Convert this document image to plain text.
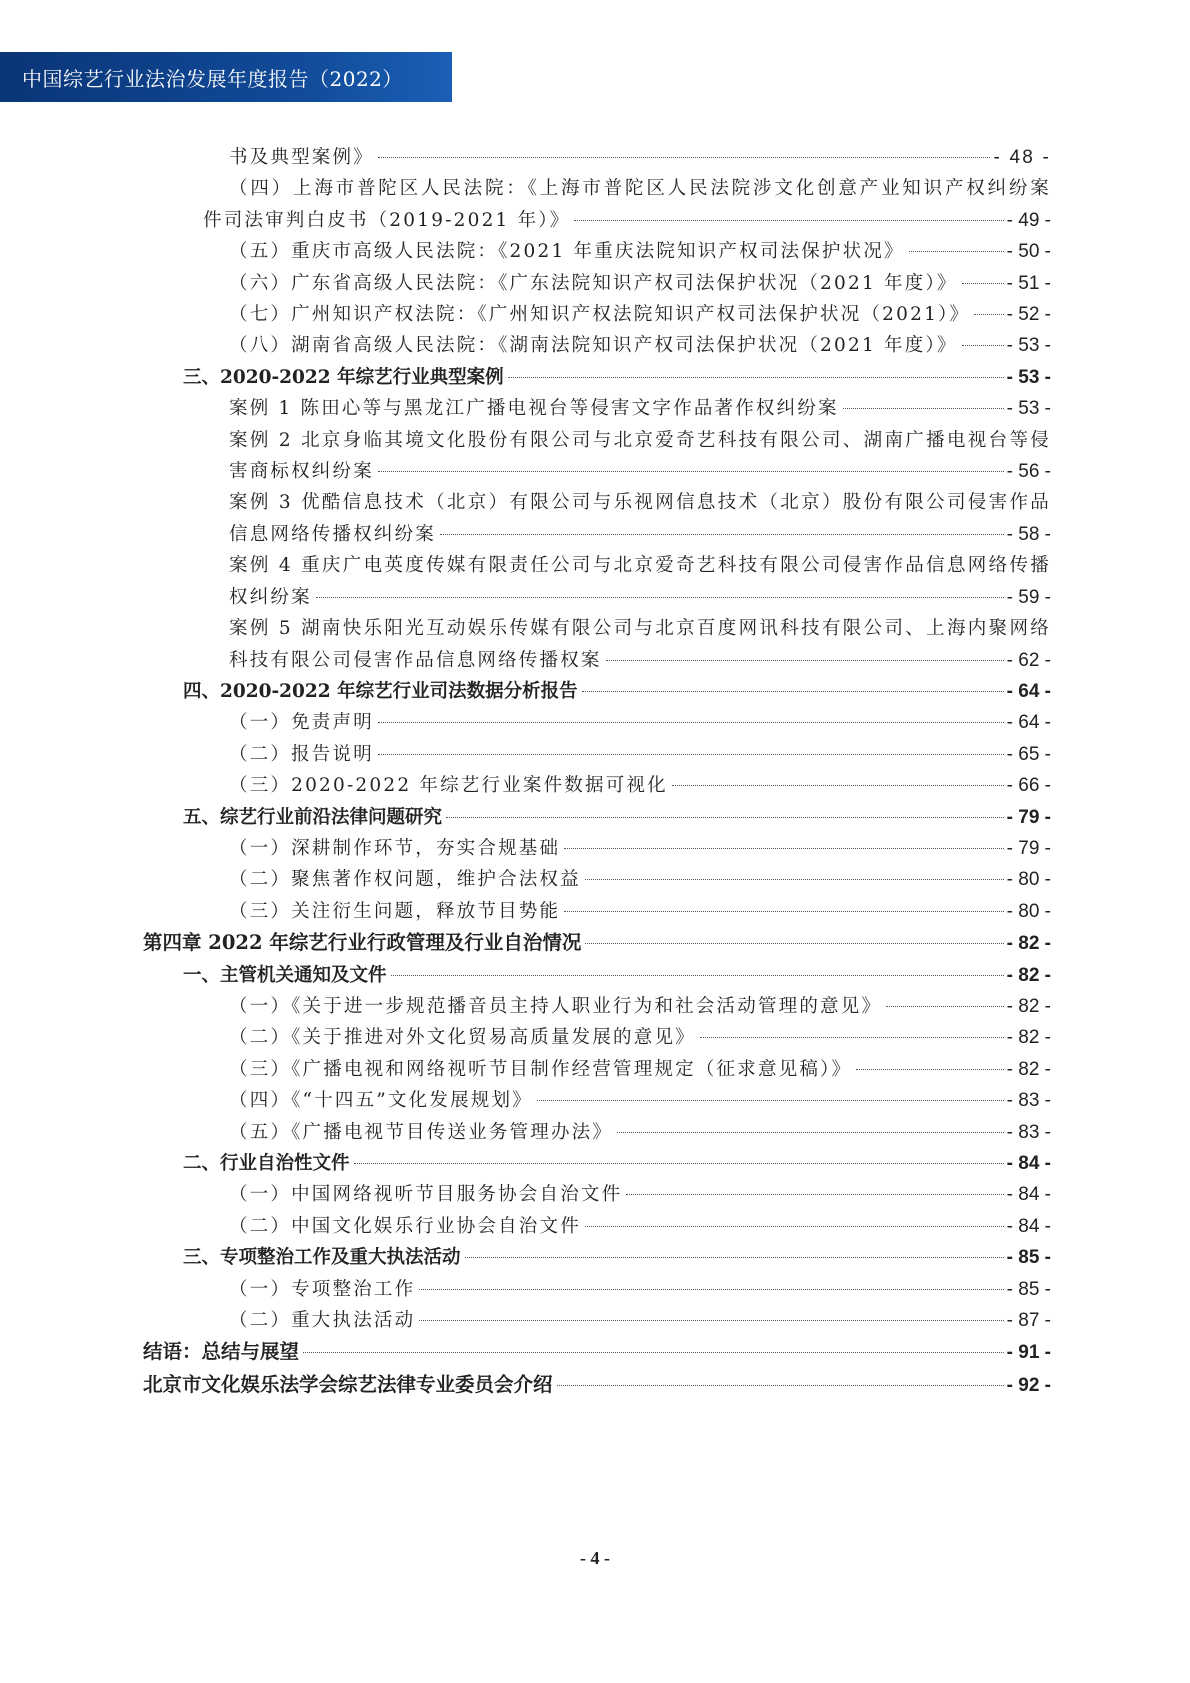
中国综艺行业法治发展年度报告（2022）
书及典型案例》	- 48 -
（四）上海市普陀区人民法院：《上海市普陀区人民法院涉文化创意产业知识产权纠纷案
件司法审判白皮书（2019-2021 年）》	- 49 -
（五）重庆市高级人民法院：《2021 年重庆法院知识产权司法保护状况》	- 50 -
（六）广东省高级人民法院：《广东法院知识产权司法保护状况（2021 年度）》	- 51 -
（七）广州知识产权法院：《广州知识产权法院知识产权司法保护状况（2021）》 - 52 -
（八）湖南省高级人民法院：《湖南法院知识产权司法保护状况（2021 年度）》	- 53 -
三、2020-2022 年综艺行业典型案例	- 53 -
案例 1 陈田心等与黑龙江广播电视台等侵害文字作品著作权纠纷案	- 53 -
案例 2 北京身临其境文化股份有限公司与北京爱奇艺科技有限公司、湖南广播电视台等侵
害商标权纠纷案	- 56 -
案例 3 优酷信息技术（北京）有限公司与乐视网信息技术（北京）股份有限公司侵害作品
信息网络传播权纠纷案	- 58 -
案例 4 重庆广电英度传媒有限责任公司与北京爱奇艺科技有限公司侵害作品信息网络传播
权纠纷案	- 59 -
案例 5 湖南快乐阳光互动娱乐传媒有限公司与北京百度网讯科技有限公司、上海内聚网络
科技有限公司侵害作品信息网络传播权案	- 62 -
四、2020-2022 年综艺行业司法数据分析报告	- 64 -
（一）免责声明	- 64 -
（二）报告说明	- 65 -
（三）2020-2022 年综艺行业案件数据可视化	- 66 -
五、综艺行业前沿法律问题研究	- 79 -
（一）深耕制作环节，夯实合规基础	- 79 -
（二）聚焦著作权问题，维护合法权益	- 80 -
（三）关注衍生问题，释放节目势能	- 80 -
第四章 2022 年综艺行业行政管理及行业自治情况	- 82 -
一、主管机关通知及文件	- 82 -
（一）《关于进一步规范播音员主持人职业行为和社会活动管理的意见》	- 82 -
（二）《关于推进对外文化贸易高质量发展的意见》	- 82 -
（三）《广播电视和网络视听节目制作经营管理规定（征求意见稿）》	- 82 -
（四）《“十四五”文化发展规划》	- 83 -
（五）《广播电视节目传送业务管理办法》	- 83 -
二、行业自治性文件	- 84 -
（一）中国网络视听节目服务协会自治文件	- 84 -
（二）中国文化娱乐行业协会自治文件	- 84 -
三、专项整治工作及重大执法活动	- 85 -
（一）专项整治工作	- 85 -
（二）重大执法活动	- 87 -
结语：总结与展望	- 91 -
北京市文化娱乐法学会综艺法律专业委员会介绍	- 92 -
- 4 -
